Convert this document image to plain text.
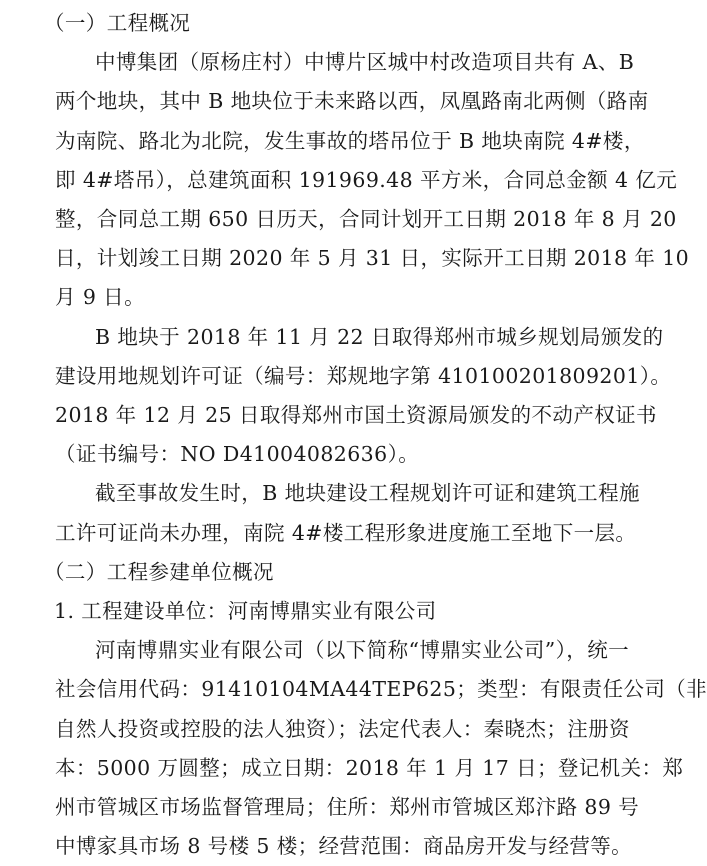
（一）工程概况
中博集团（原杨庄村）中博片区城中村改造项目共有 A、B
两个地块，其中 B 地块位于未来路以西，凤凰路南北两侧（路南
为南院、路北为北院，发生事故的塔吊位于 B 地块南院 4#楼，
即 4#塔吊），总建筑面积 191969.48 平方米，合同总金额 4 亿元
整，合同总工期 650 日历天，合同计划开工日期 2018 年 8 月 20
日，计划竣工日期 2020 年 5 月 31 日，实际开工日期 2018 年 10
月 9 日。
B 地块于 2018 年 11 月 22 日取得郑州市城乡规划局颁发的
建设用地规划许可证（编号：郑规地字第 410100201809201）。
2018 年 12 月 25 日取得郑州市国土资源局颁发的不动产权证书
（证书编号：NO D41004082636）。
截至事故发生时，B 地块建设工程规划许可证和建筑工程施
工许可证尚未办理，南院 4#楼工程形象进度施工至地下一层。
（二）工程参建单位概况

1. 工程建设单位：河南博鼎实业有限公司

河南博鼎实业有限公司（以下简称“博鼎实业公司”），统一
社会信用代码：91410104MA44TEP625；类型：有限责任公司（非
自然人投资或控股的法人独资）；法定代表人：秦晓杰；注册资
本：5000 万圆整；成立日期：2018 年 1 月 17 日；登记机关：郑
州市管城区市场监督管理局；住所：郑州市管城区郑汴路 89 号
中博家具市场 8 号楼 5 楼；经营范围：商品房开发与经营等。
